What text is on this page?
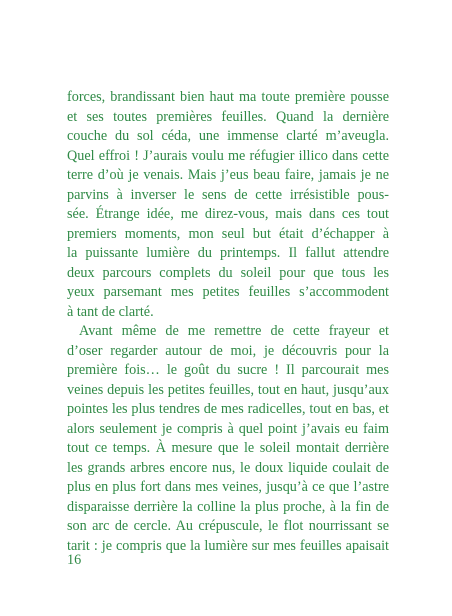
forces, brandissant bien haut ma toute première pousse
et ses toutes premières feuilles. Quand la dernière
couche du sol céda, une immense clarté m’aveugla.
Quel effroi ! J’aurais voulu me réfugier illico dans cette
terre d’où je venais. Mais j’eus beau faire, jamais je ne
parvins à inverser le sens de cette irrésistible pous-
sée. Étrange idée, me direz-vous, mais dans ces tout
premiers moments, mon seul but était d’échapper à
la puissante lumière du printemps. Il fallut attendre
deux parcours complets du soleil pour que tous les
yeux parsemant mes petites feuilles s’accommodent
à tant de clarté.
Avant même de me remettre de cette frayeur et
d’oser regarder autour de moi, je découvris pour la
première fois… le goût du sucre ! Il parcourait mes
veines depuis les petites feuilles, tout en haut, jusqu’aux
pointes les plus tendres de mes radicelles, tout en bas, et
alors seulement je compris à quel point j’avais eu faim
tout ce temps. À mesure que le soleil montait derrière
les grands arbres encore nus, le doux liquide coulait de
plus en plus fort dans mes veines, jusqu’à ce que l’astre
disparaisse derrière la colline la plus proche, à la fin de
son arc de cercle. Au crépuscule, le flot nourrissant se
tarit : je compris que la lumière sur mes feuilles apaisait
16
